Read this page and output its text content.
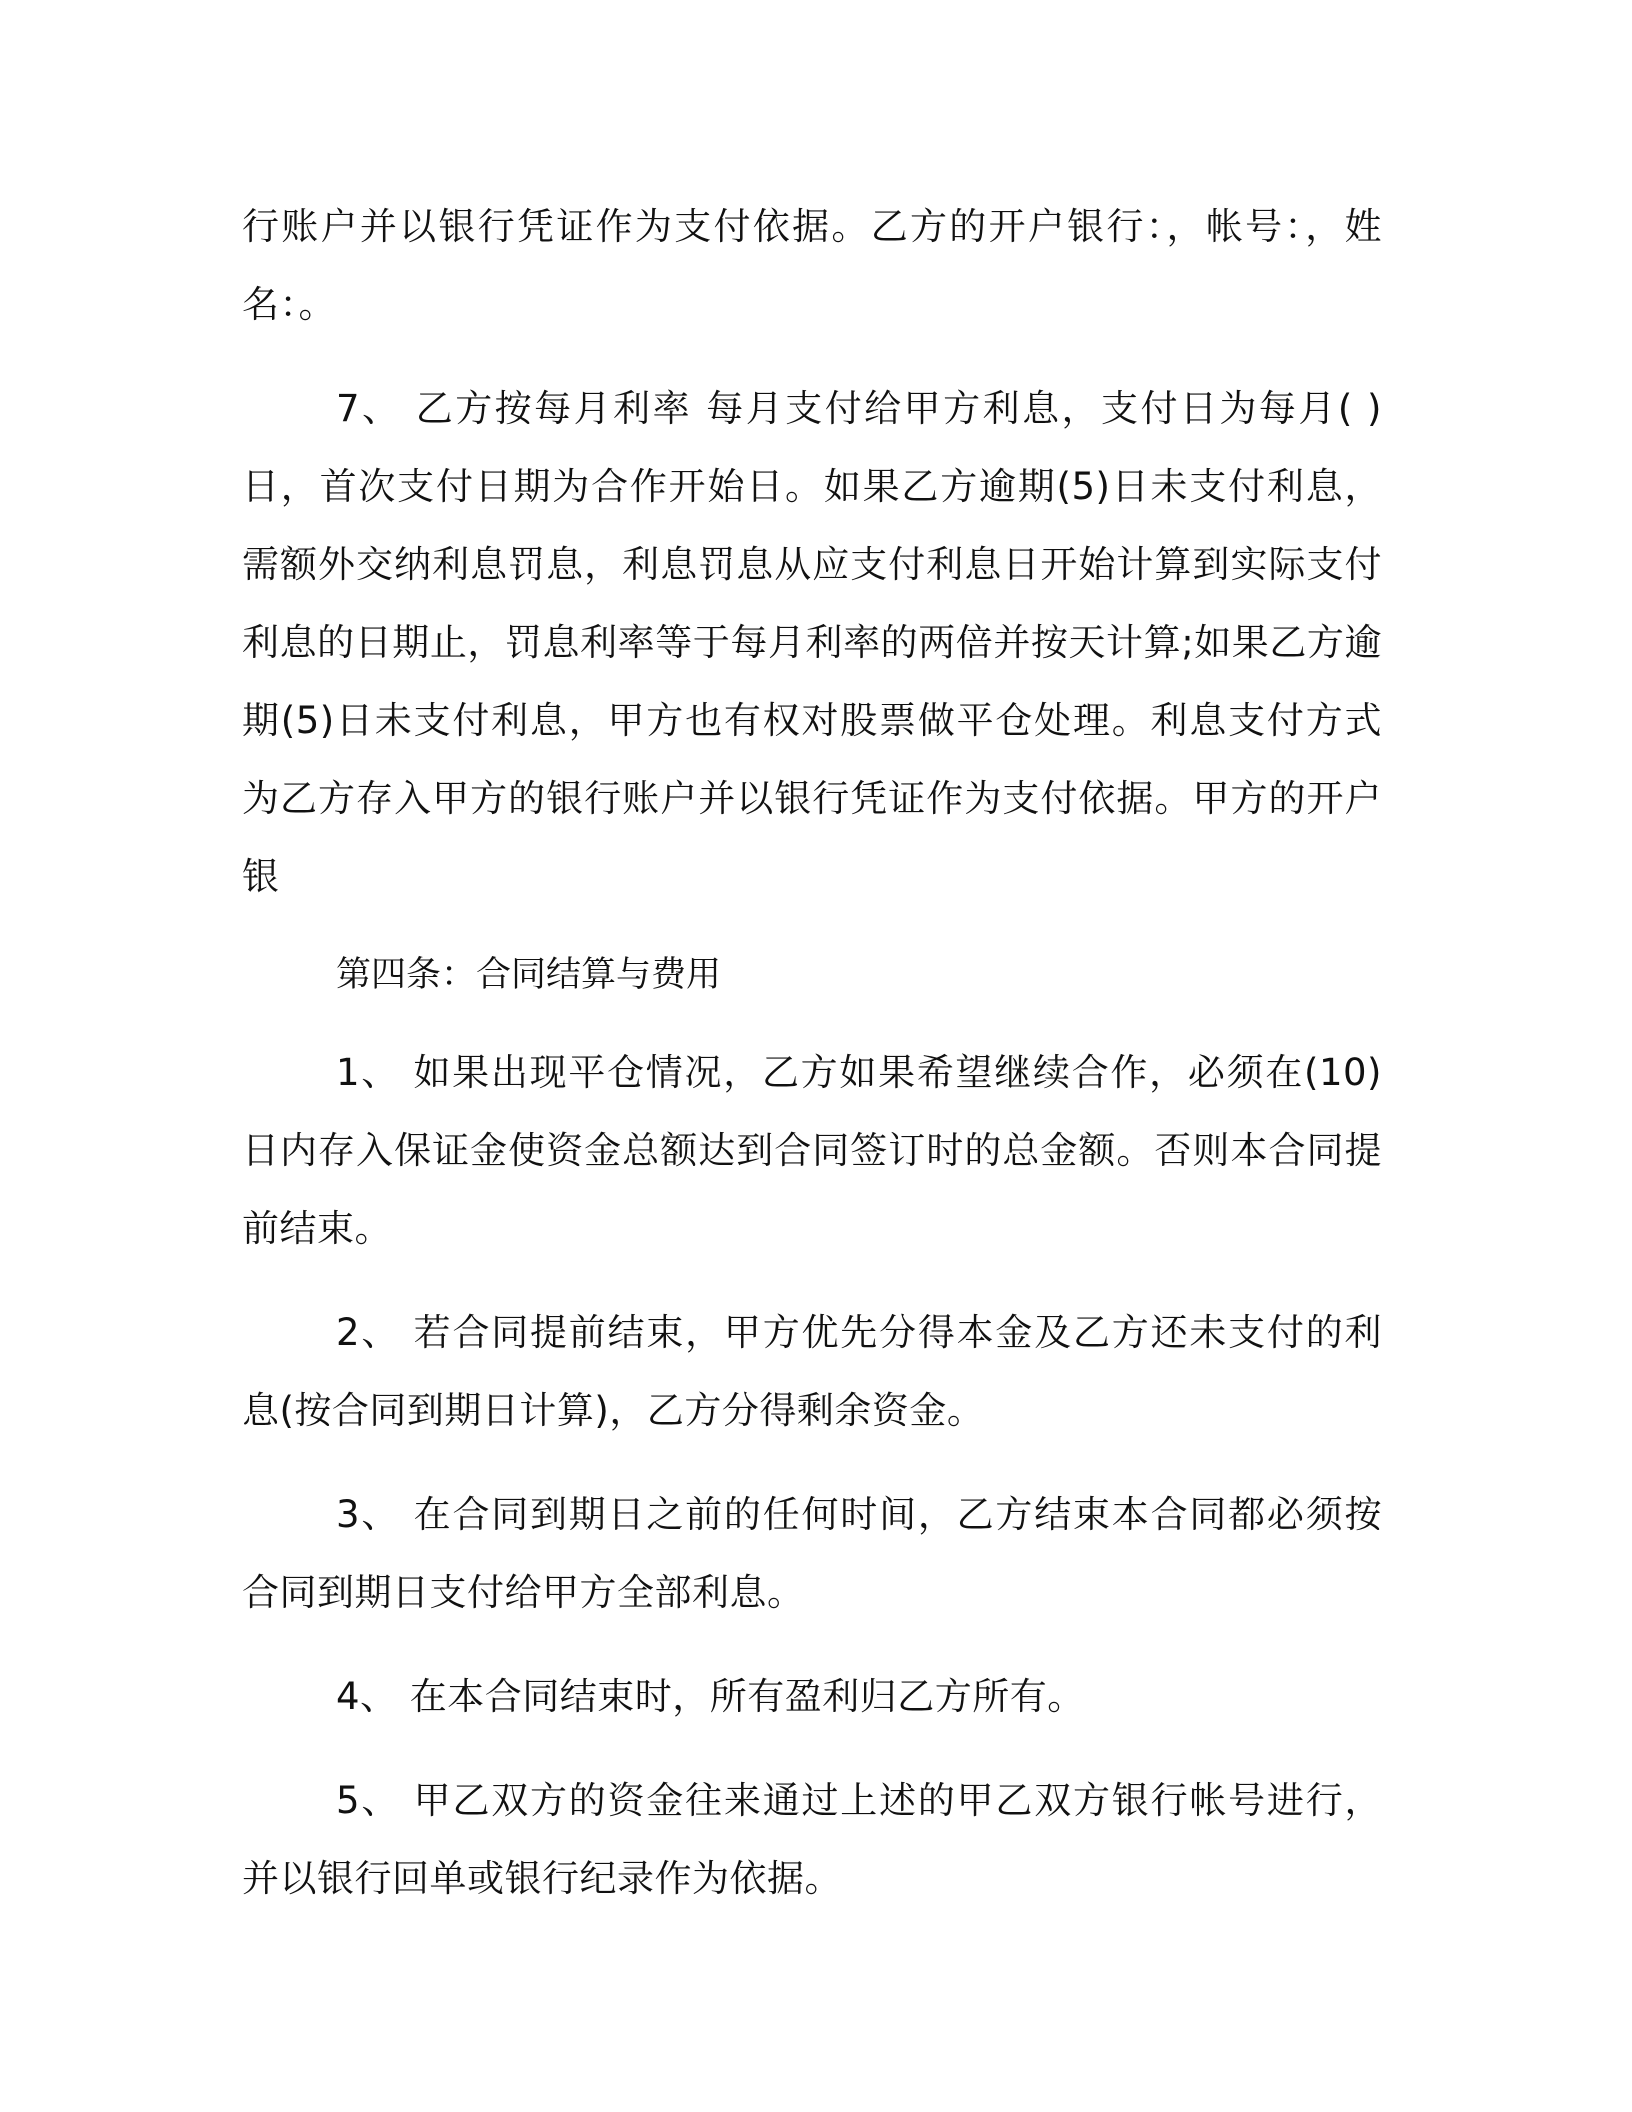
行账户并以银行凭证作为支付依据。乙方的开户银行：，帐号：，姓名：。

7、 乙方按每月利率 每月支付给甲方利息，支付日为每月( )日，首次支付日期为合作开始日。如果乙方逾期(5)日未支付利息，需额外交纳利息罚息，利息罚息从应支付利息日开始计算到实际支付利息的日期止，罚息利率等于每月利率的两倍并按天计算;如果乙方逾期(5)日未支付利息，甲方也有权对股票做平仓处理。利息支付方式为乙方存入甲方的银行账户并以银行凭证作为支付依据。甲方的开户银

第四条：合同结算与费用

1、 如果出现平仓情况，乙方如果希望继续合作，必须在(10)日内存入保证金使资金总额达到合同签订时的总金额。否则本合同提前结束。

2、 若合同提前结束，甲方优先分得本金及乙方还未支付的利息(按合同到期日计算)，乙方分得剩余资金。

3、 在合同到期日之前的任何时间，乙方结束本合同都必须按合同到期日支付给甲方全部利息。

4、 在本合同结束时，所有盈利归乙方所有。

5、 甲乙双方的资金往来通过上述的甲乙双方银行帐号进行，并以银行回单或银行纪录作为依据。
